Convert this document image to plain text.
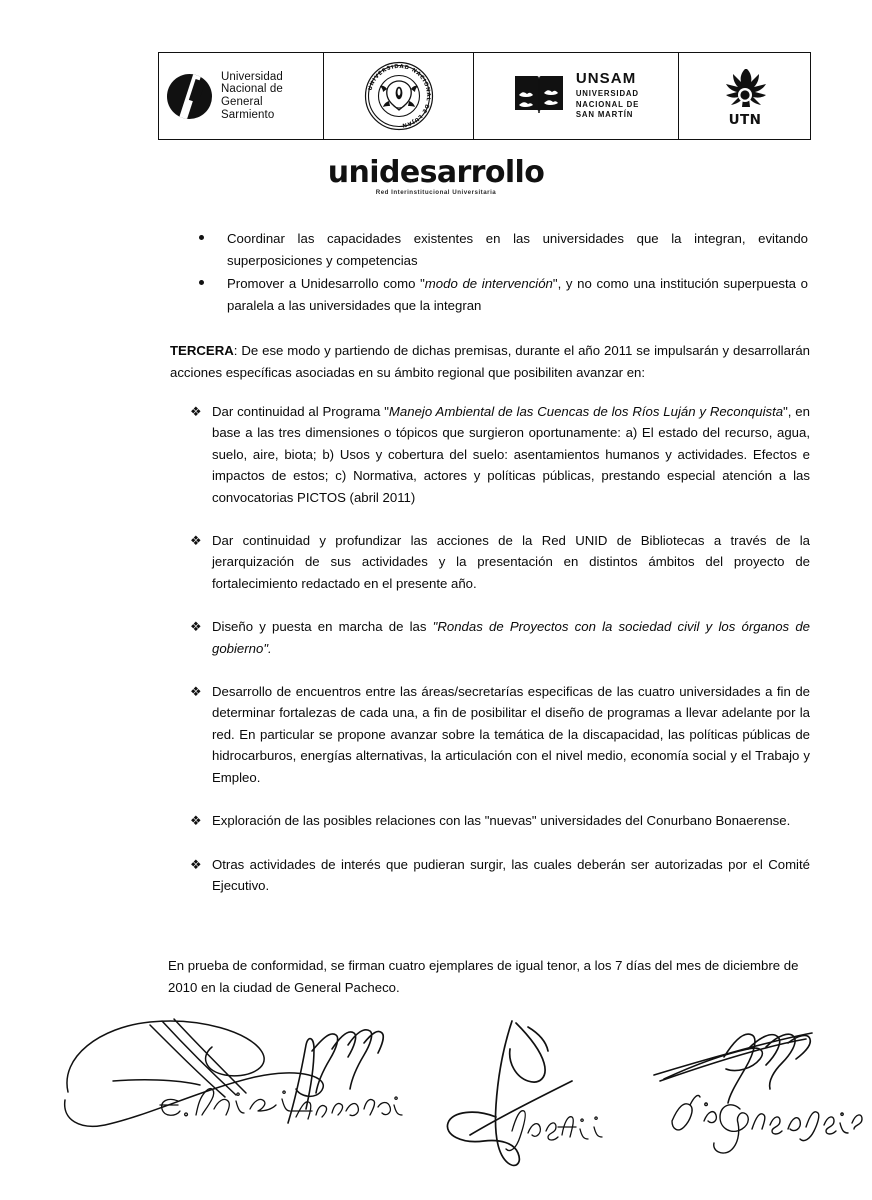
Universidad
Nacional de
General
Sarmiento
UNIVERSIDAD NACIONAL DE LUJAN
UNSAM
UNIVERSIDAD
NACIONAL DE
SAN MARTÍN	UTN
unidesarrollo
Red Interinstitucional Universitaria
Coordinar las capacidades existentes en las universidades que la integran, evitando superposiciones y competencias
Promover a Unidesarrollo como "modo de intervención", y no como una institución superpuesta o paralela a las universidades que la integran
TERCERA: De ese modo y partiendo de dichas premisas, durante el año 2011 se impulsarán y desarrollarán acciones específicas asociadas en su ámbito regional que posibiliten avanzar en:
❖ Dar continuidad al Programa "Manejo Ambiental de las Cuencas de los Ríos Luján y Reconquista", en base a las tres dimensiones o tópicos que surgieron oportunamente: a) El estado del recurso, agua, suelo, aire, biota; b) Usos y cobertura del suelo: asentamientos humanos y actividades. Efectos e impactos de estos; c) Normativa, actores y políticas públicas, prestando especial atención a las convocatorias PICTOS (abril 2011)
❖ Dar continuidad y profundizar las acciones de la Red UNID de Bibliotecas a través de la jerarquización de sus actividades y la presentación en distintos ámbitos del proyecto de fortalecimiento redactado en el presente año.
❖ Diseño y puesta en marcha de las "Rondas de Proyectos con la sociedad civil y los órganos de gobierno".
❖ Desarrollo de encuentros entre las áreas/secretarías especificas de las cuatro universidades a fin de determinar fortalezas de cada una, a fin de posibilitar el diseño de programas a llevar adelante por la red. En particular se propone avanzar sobre la temática de la discapacidad, las políticas públicas de hidrocarburos, energías alternativas, la articulación con el nivel medio, economía social y el Trabajo y Empleo.
❖ Exploración de las posibles relaciones con las "nuevas" universidades del Conurbano Bonaerense.
❖ Otras actividades de interés que pudieran surgir, las cuales deberán ser autorizadas por el Comité Ejecutivo.
En prueba de conformidad, se firman cuatro ejemplares de igual tenor, a los 7 días del mes de diciembre de 2010 en la ciudad de General Pacheco.
